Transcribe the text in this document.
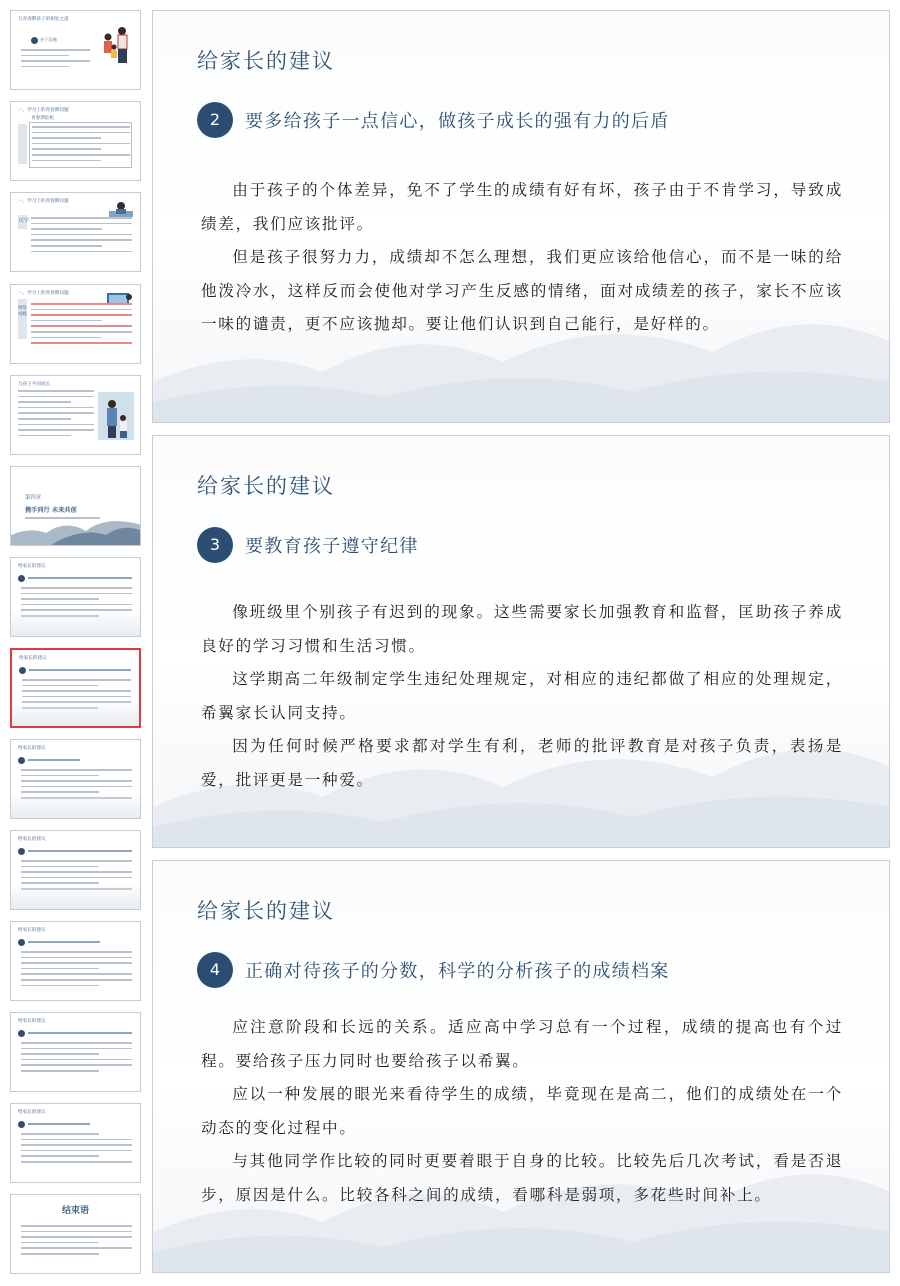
与青春期孩子的相处之道
亲子沟通
一、学习上的青春期问题
青春期危机
一、学习上的青春期问题
厌学
一、学习上的青春期问题
网络成瘾
与孩子共同成长
第四章
携手同行 未来共创
给家长的建议
给家长的建议
给家长的建议
给家长的建议
给家长的建议
给家长的建议
给家长的建议
结束语
给家长的建议
2	要多给孩子一点信心，做孩子成长的强有力的后盾

由于孩子的个体差异，免不了学生的成绩有好有坏，孩子由于不肯学习，导致成绩差，我们应该批评。

但是孩子很努力力，成绩却不怎么理想，我们更应该给他信心，而不是一味的给他泼冷水，这样反而会使他对学习产生反感的情绪，面对成绩差的孩子，家长不应该一味的谴责，更不应该抛却。要让他们认识到自己能行，是好样的。

给家长的建议
3	要教育孩子遵守纪律

像班级里个别孩子有迟到的现象。这些需要家长加强教育和监督，匡助孩子养成良好的学习习惯和生活习惯。

这学期高二年级制定学生违纪处理规定，对相应的违纪都做了相应的处理规定，希翼家长认同支持。

因为任何时候严格要求都对学生有利，老师的批评教育是对孩子负责，表扬是爱，批评更是一种爱。

给家长的建议
4	正确对待孩子的分数，科学的分析孩子的成绩档案

应注意阶段和长远的关系。适应高中学习总有一个过程，成绩的提高也有个过程。要给孩子压力同时也要给孩子以希翼。

应以一种发展的眼光来看待学生的成绩，毕竟现在是高二，他们的成绩处在一个动态的变化过程中。

与其他同学作比较的同时更要着眼于自身的比较。比较先后几次考试，看是否退步，原因是什么。比较各科之间的成绩，看哪科是弱项，多花些时间补上。
